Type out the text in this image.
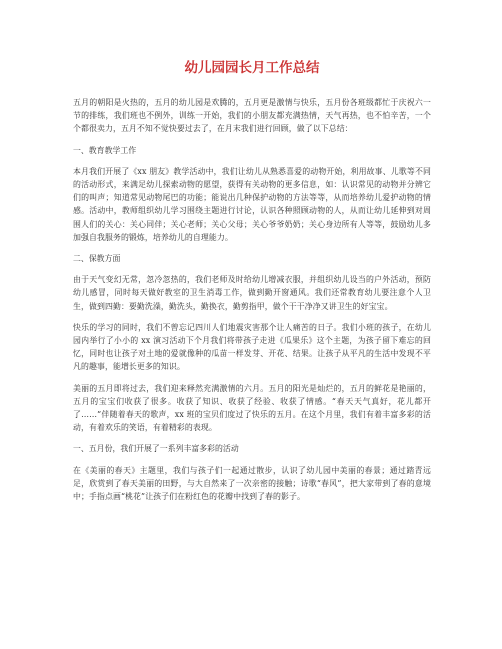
幼儿园园长月工作总结

五月的朝阳是火热的，五月的幼儿园是欢腾的，五月更是激情与快乐，五月份各班级都忙于庆祝六一节的排练，我们班也不例外，训练一开始，我们的小朋友都充满热情，天气再热，也不怕辛苦，一个个都很卖力，五月不知不觉快要过去了，在月末我们进行回顾，做了以下总结：

一、教育教学工作

本月我们开展了《xx 朋友》教学活动中，我们让幼儿从熟悉喜爱的动物开始，利用故事、儿歌等不同的活动形式，来满足幼儿探索动物的愿望，获得有关动物的更多信息，如：认识常见的动物并分辨它们的叫声；知道常见动物尾巴的功能；能说出几种保护动物的方法等等，从而培养幼儿爱护动物的情感。活动中，教师组织幼儿学习围绕主题进行讨论，认识各种照顾动物的人，从而让幼儿延伸到对周围人们的关心：关心同伴；关心老师；关心父母；关心爷爷奶奶；关心身边所有人等等，鼓励幼儿多加强自我服务的锻炼，培养幼儿的自理能力。

二、保教方面

由于天气变幻无常，忽冷忽热的，我们老师及时给幼儿增减衣服，并组织幼儿设当的户外活动，预防幼儿感冒，同时每天做好教室的卫生消毒工作，做到勤开窗通风。我们还常教育幼儿要注意个人卫生，做到四勤：要勤洗澡，勤洗头，勤换衣，勤剪指甲，做个干干净净又讲卫生的好宝宝。

快乐的学习的同时，我们不曾忘记四川人们地震灾害那个让人痛苦的日子。我们小班的孩子，在幼儿园内举行了小小的 xx 演习活动下个月我们将带孩子走进《瓜果乐》这个主题，为孩子留下难忘的回忆，同时也让孩子对土地的爱就像种的瓜苗一样发芽、开花、结果。让孩子从平凡的生活中发现不平凡的趣事，能增长更多的知识。

美丽的五月即将过去，我们迎来释然充满激情的六月。五月的阳光是灿烂的，五月的鲜花是艳丽的，五月的宝宝们收获了很多。收获了知识、收获了经验、收获了情感。“春天天气真好，花儿都开了……”伴随着春天的歌声，xx 班的宝贝们度过了快乐的五月。在这个月里，我们有着丰富多彩的活动，有着欢乐的笑语，有着精彩的表现。

一、五月份，我们开展了一系列丰富多彩的活动

在《美丽的春天》主题里，我们与孩子们一起通过散步，认识了幼儿园中美丽的春景；通过踏青远足，欣赏到了春天美丽的田野，与大自然来了一次亲密的接触；诗歌“春风”，把大家带到了春的意境中；手指点画“桃花”让孩子们在粉红色的花瓣中找到了春的影子。
